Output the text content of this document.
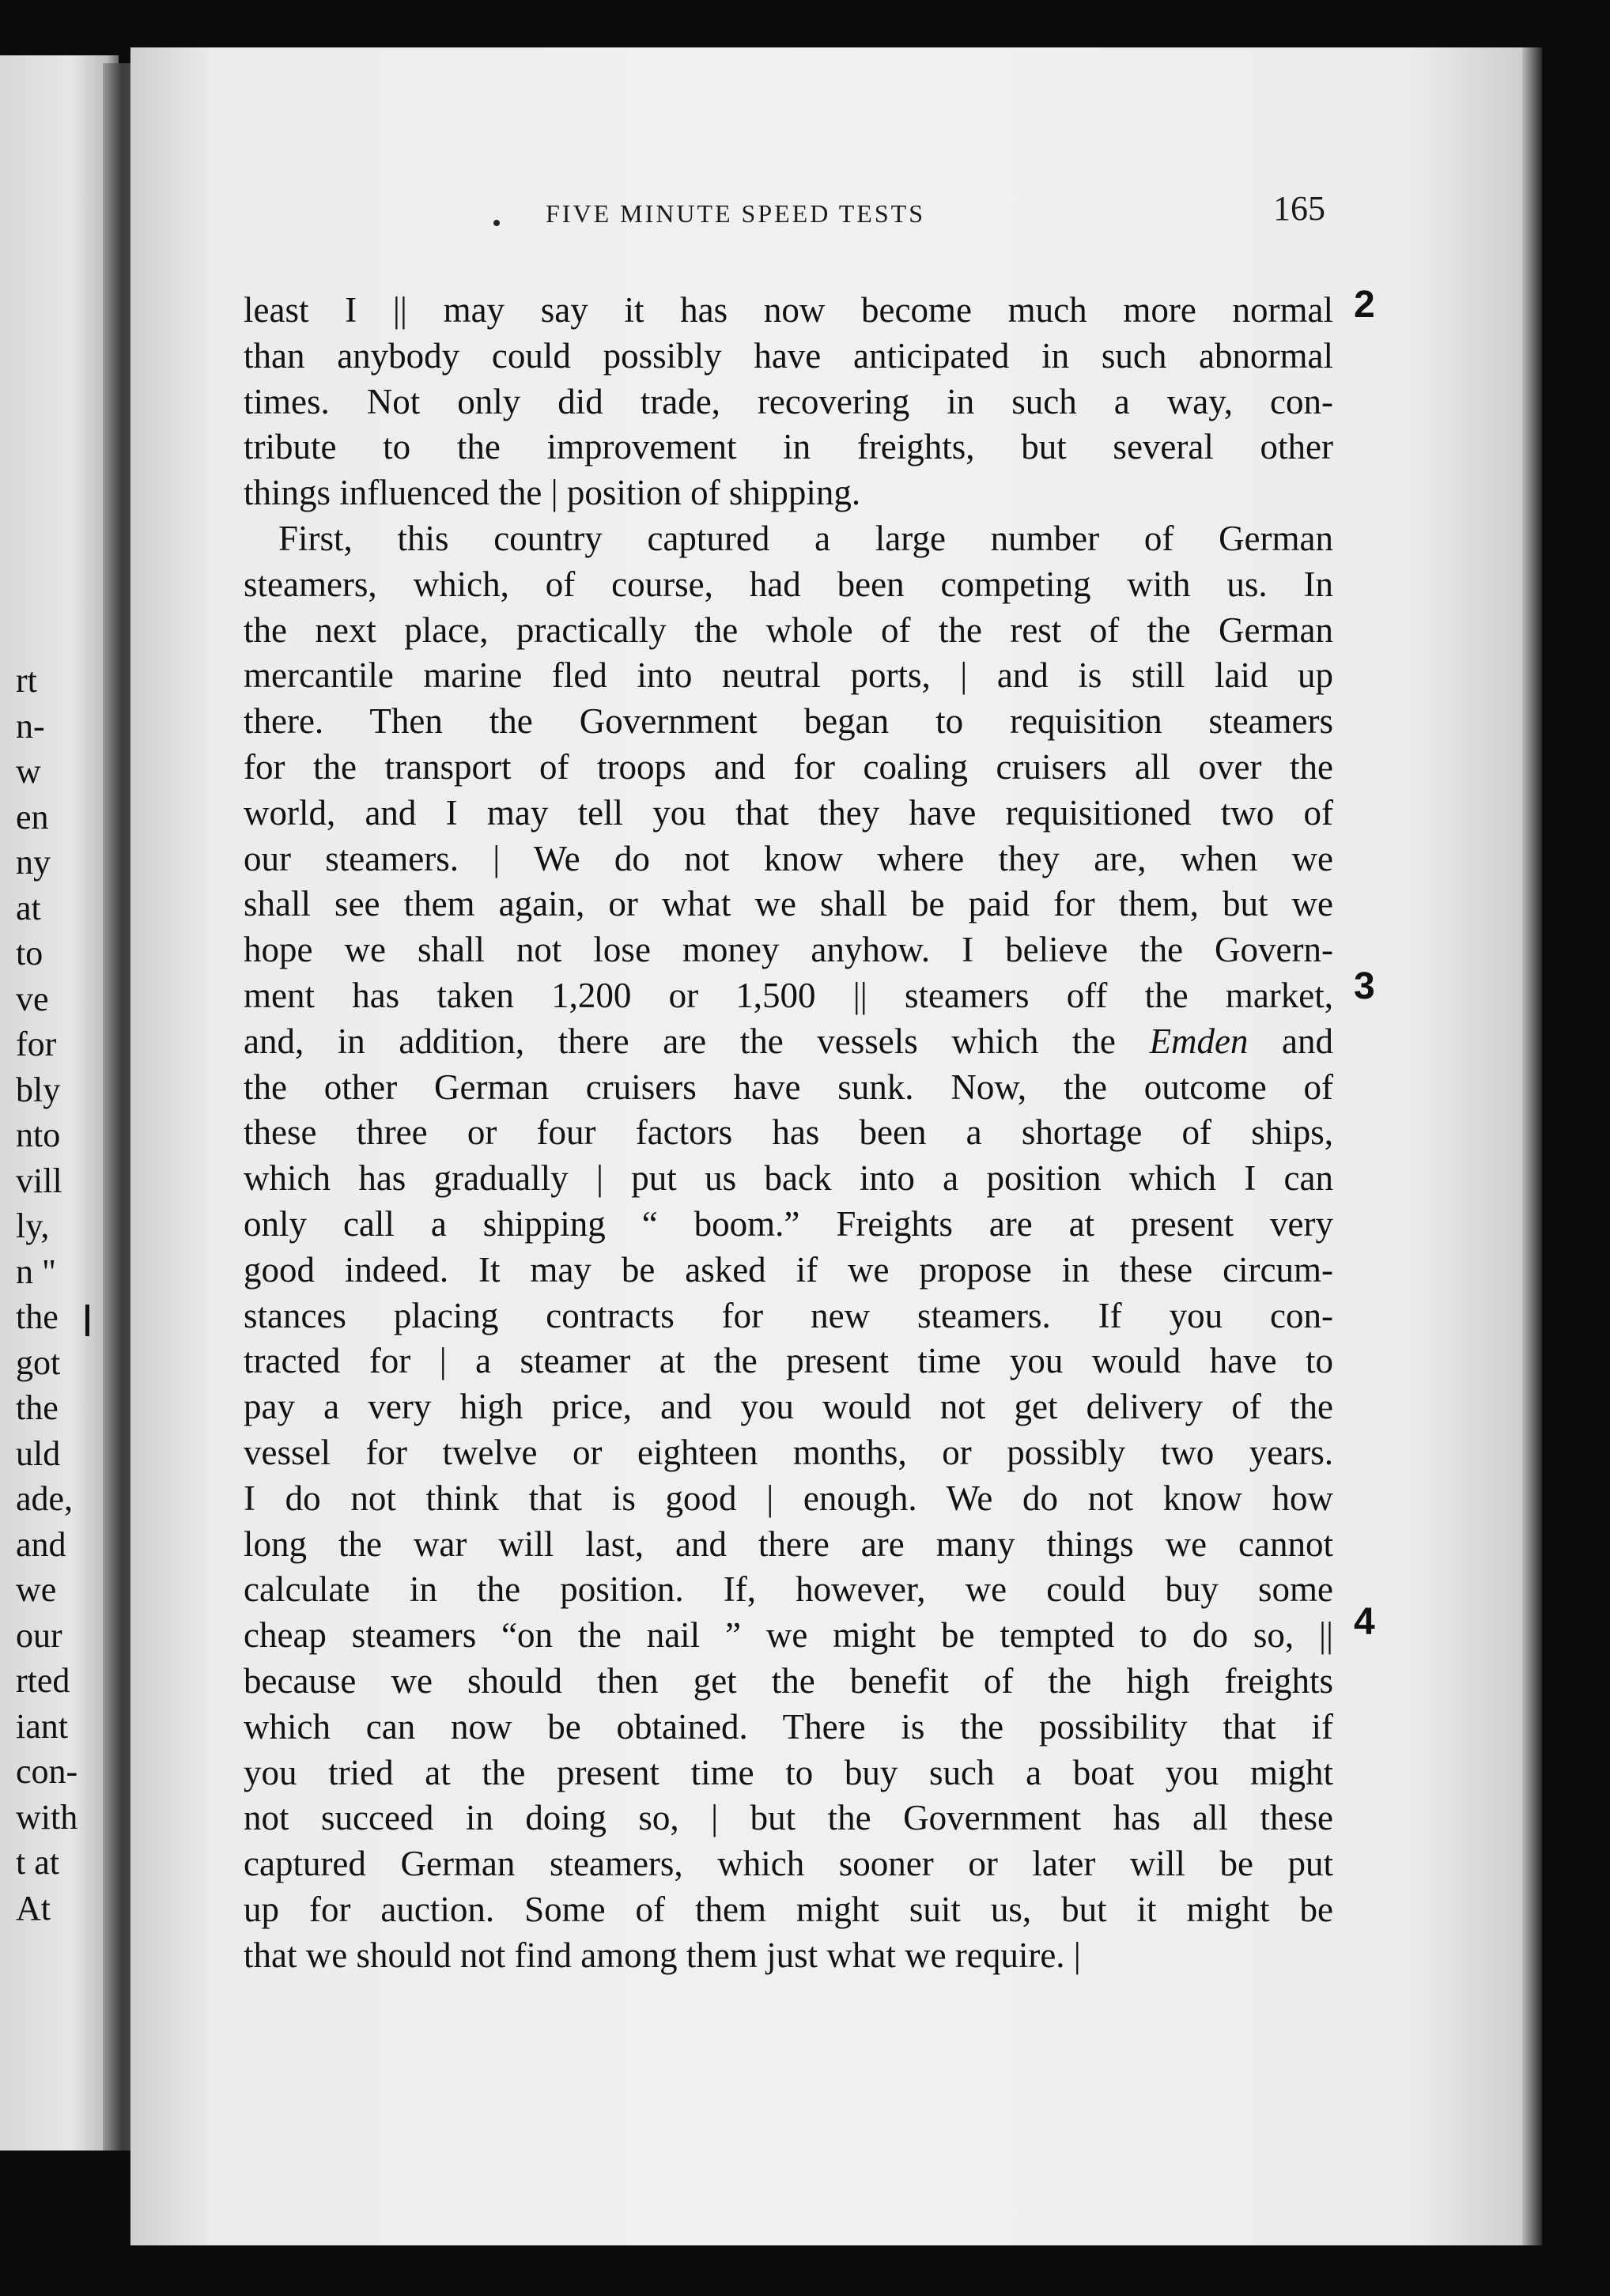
rt
n-
w
en
ny
at
to
ve
for
bly
nto
vill
ly,
n "
the
got
the
uld
ade,
and
we
our
rted
iant
con-
with
t at
At
FIVE MINUTE SPEED TESTS	165
least I || may say it has now become much more normal
than anybody could possibly have anticipated in such abnormal
times. Not only did trade, recovering in such a way, con-
tribute to the improvement in freights, but several other
things influenced the | position of shipping.
First, this country captured a large number of German
steamers, which, of course, had been competing with us. In
the next place, practically the whole of the rest of the German
mercantile marine fled into neutral ports, | and is still laid up
there. Then the Government began to requisition steamers
for the transport of troops and for coaling cruisers all over the
world, and I may tell you that they have requisitioned two of
our steamers. | We do not know where they are, when we
shall see them again, or what we shall be paid for them, but we
hope we shall not lose money anyhow. I believe the Govern-
ment has taken 1,200 or 1,500 || steamers off the market,
and, in addition, there are the vessels which the Emden and
the other German cruisers have sunk. Now, the outcome of
these three or four factors has been a shortage of ships,
which has gradually | put us back into a position which I can
only call a shipping “ boom.” Freights are at present very
good indeed. It may be asked if we propose in these circum-
stances placing contracts for new steamers. If you con-
tracted for | a steamer at the present time you would have to
pay a very high price, and you would not get delivery of the
vessel for twelve or eighteen months, or possibly two years.
I do not think that is good | enough. We do not know how
long the war will last, and there are many things we cannot
calculate in the position. If, however, we could buy some
cheap steamers “on the nail ” we might be tempted to do so, ||
because we should then get the benefit of the high freights
which can now be obtained. There is the possibility that if
you tried at the present time to buy such a boat you might
not succeed in doing so, | but the Government has all these
captured German steamers, which sooner or later will be put
up for auction. Some of them might suit us, but it might be
that we should not find among them just what we require. |
2
3
4
